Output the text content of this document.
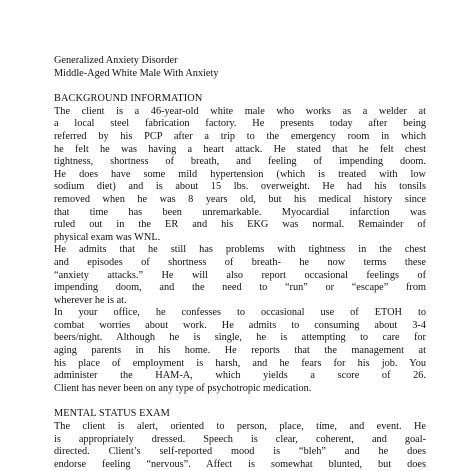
Generalized Anxiety Disorder
Middle-Aged White Male With Anxiety
BACKGROUND INFORMATION
The client is a 46-year-old white male who works as a welder at
a local steel fabrication factory. He presents today after being
referred by his PCP after a trip to the emergency room in which
he felt he was having a heart attack. He stated that he felt chest
tightness, shortness of breath, and feeling of impending doom.
He does have some mild hypertension (which is treated with low
sodium diet) and is about 15 lbs. overweight. He had his tonsils
removed when he was 8 years old, but his medical history since
that time has been unremarkable. Myocardial infarction was
ruled out in the ER and his EKG was normal. Remainder of
physical exam was WNL.
He admits that he still has problems with tightness in the chest
and episodes of shortness of breath- he now terms these
“anxiety attacks.” He will also report occasional feelings of
impending doom, and the need to “run” or “escape” from
wherever he is at.
In your office, he confesses to occasional use of ETOH to
combat worries about work. He admits to consuming about 3-4
beers/night. Although he is single, he is attempting to care for
aging parents in his home. He reports that the management at
his place of employment is harsh, and he fears for his job. You
administer the HAM-A, which yields a score of 26.
Client has never been on any type of psychotropic medication.
MENTAL STATUS EXAM
The client is alert, oriented to person, place, time, and event. He
is appropriately dressed. Speech is clear, coherent, and goal-
directed. Client’s self-reported mood is “bleh” and he does
endorse feeling “nervous”. Affect is somewhat blunted, but does
